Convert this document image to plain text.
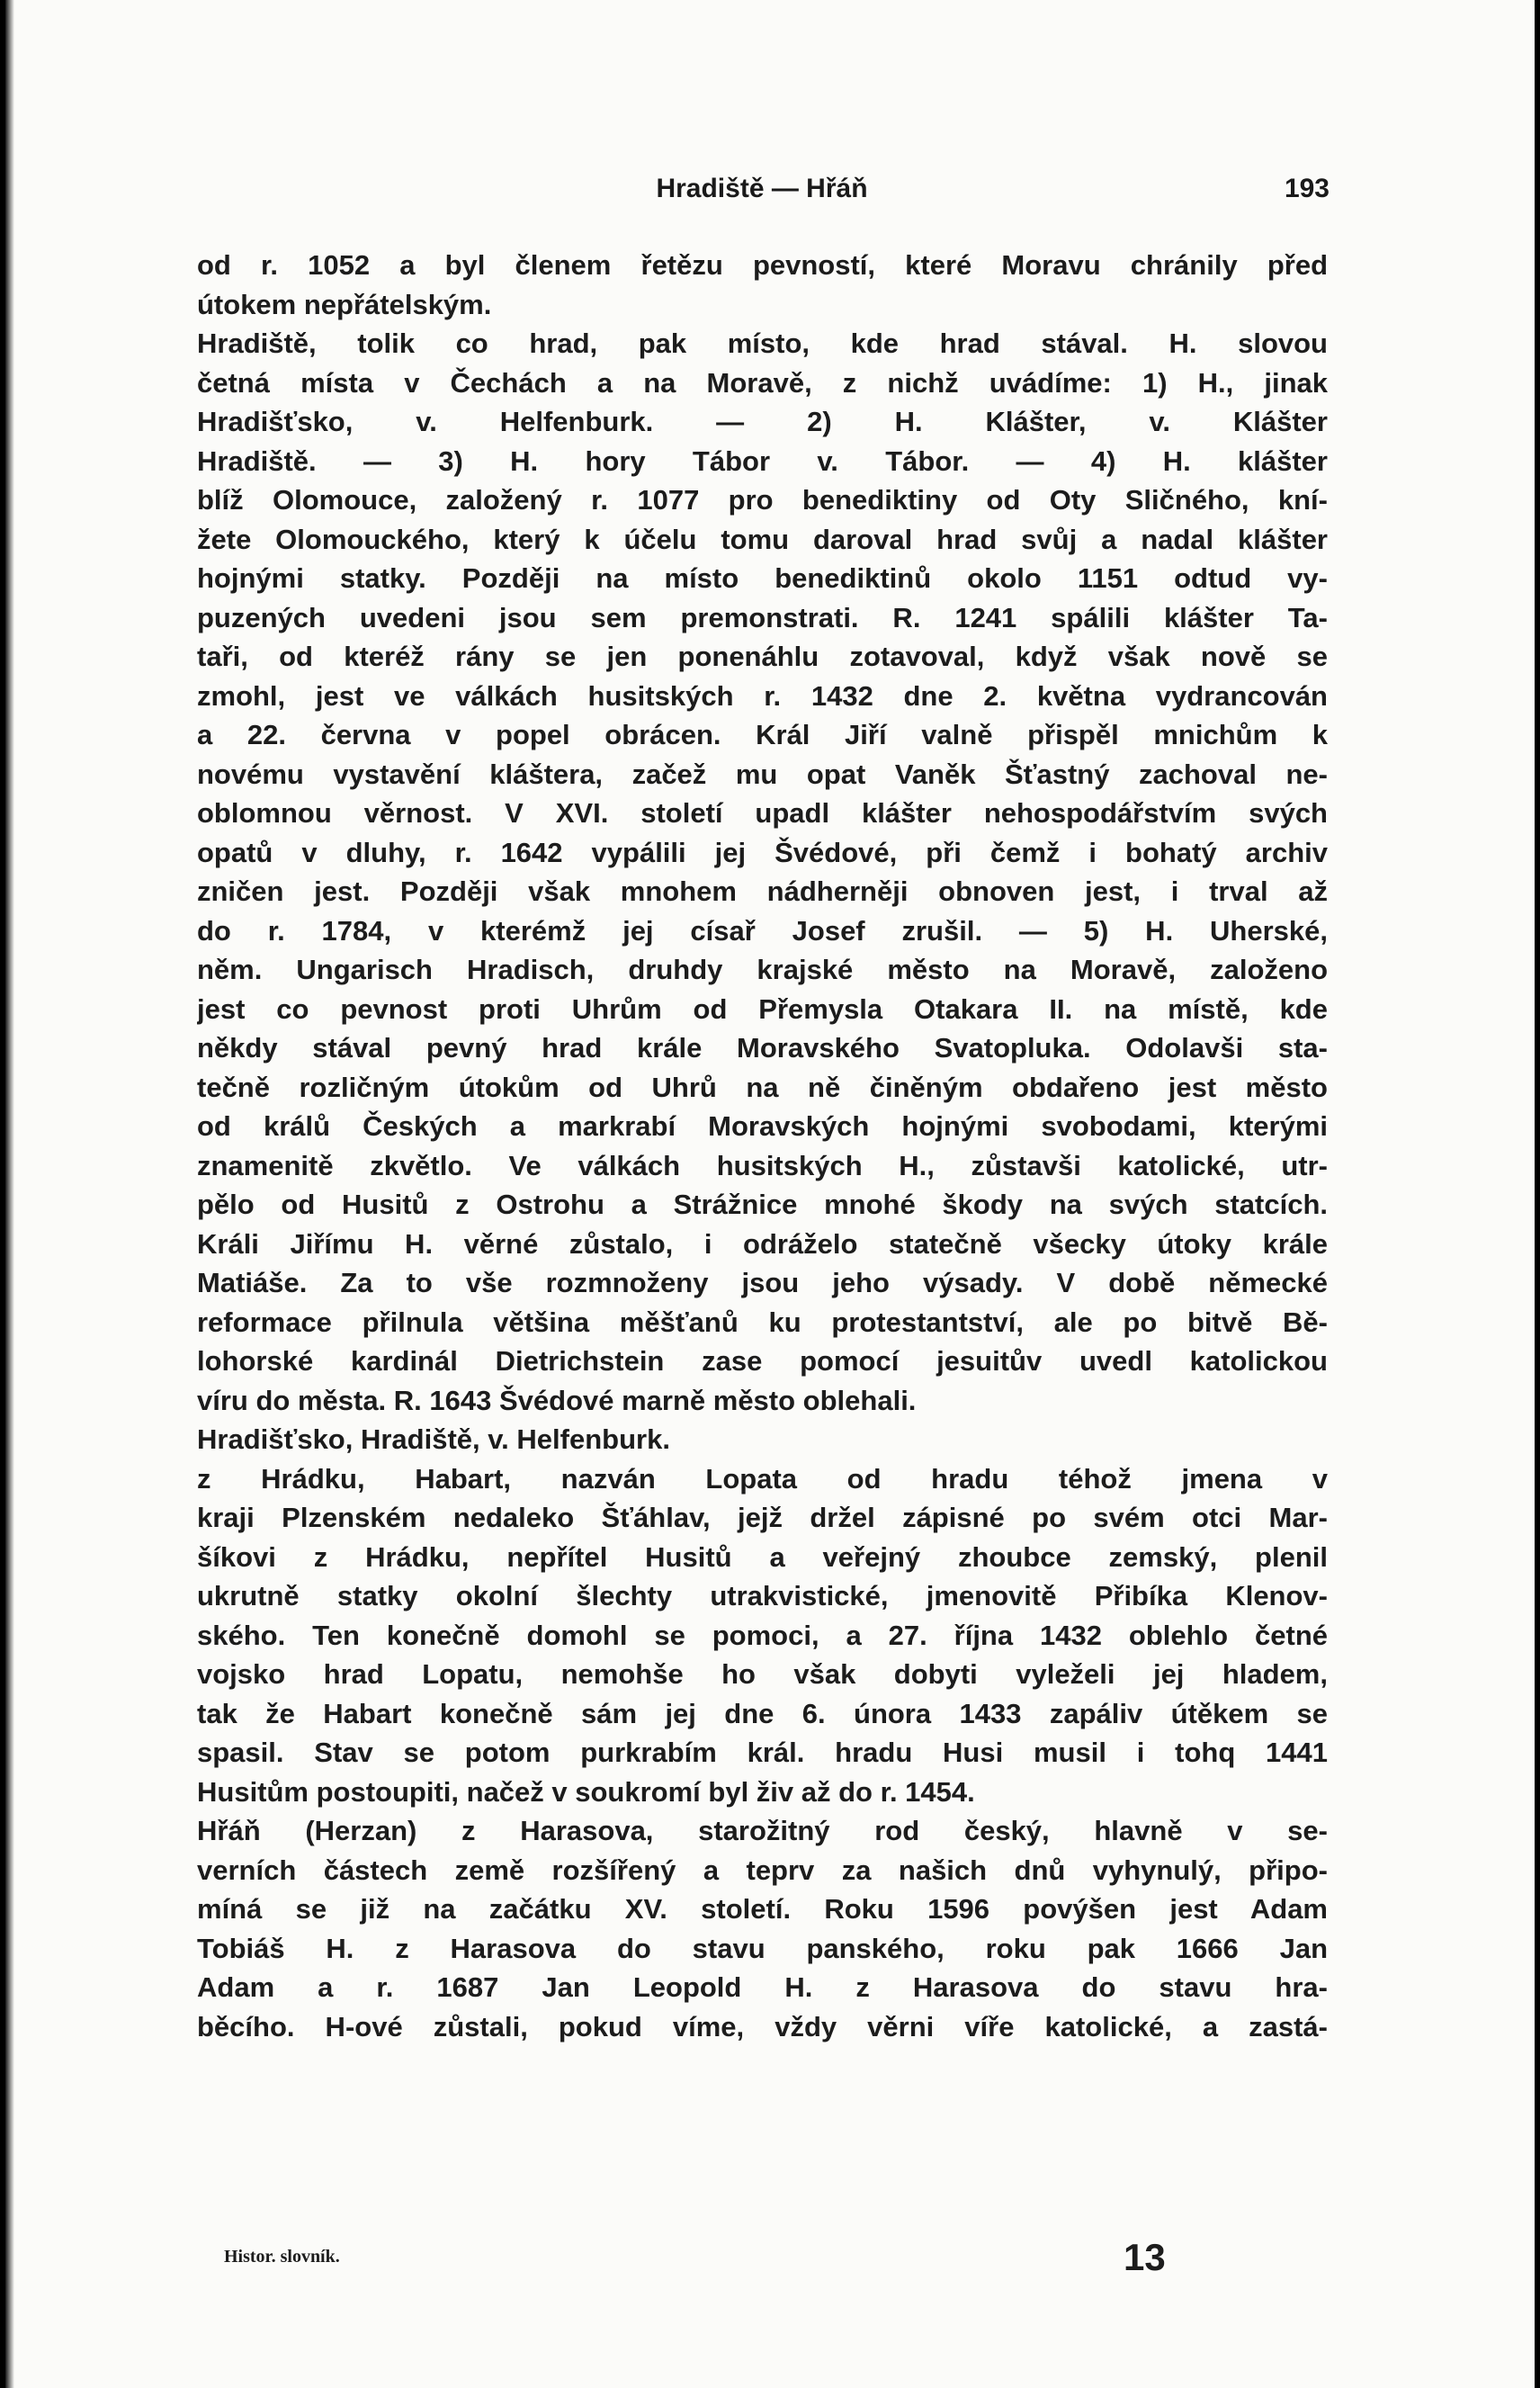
Hradiště — Hřáň	193
od r. 1052 a byl členem řetězu pevností, které Moravu chránily před
útokem nepřátelským.
Hradiště, tolik co hrad, pak místo, kde hrad stával. H. slovou
četná místa v Čechách a na Moravě, z nichž uvádíme: 1) H., jinak
Hradišťsko, v. Helfenburk. — 2) H. Klášter, v. Klášter
Hradiště. — 3) H. hory Tábor v. Tábor. — 4) H. klášter
blíž Olomouce, založený r. 1077 pro benediktiny od Oty Sličného, kní-
žete Olomouckého, který k účelu tomu daroval hrad svůj a nadal klášter
hojnými statky. Později na místo benediktinů okolo 1151 odtud vy-
puzených uvedeni jsou sem premonstrati. R. 1241 spálili klášter Ta-
taři, od kteréž rány se jen ponenáhlu zotavoval, když však nově se
zmohl, jest ve válkách husitských r. 1432 dne 2. května vydrancován
a 22. června v popel obrácen. Král Jiří valně přispěl mnichům k
novému vystavění kláštera, začež mu opat Vaněk Šťastný zachoval ne-
oblomnou věrnost. V XVI. století upadl klášter nehospodářstvím svých
opatů v dluhy, r. 1642 vypálili jej Švédové, při čemž i bohatý archiv
zničen jest. Později však mnohem nádherněji obnoven jest, i trval až
do r. 1784, v kterémž jej císař Josef zrušil. — 5) H. Uherské,
něm. Ungarisch Hradisch, druhdy krajské město na Moravě, založeno
jest co pevnost proti Uhrům od Přemysla Otakara II. na místě, kde
někdy stával pevný hrad krále Moravského Svatopluka. Odolavši sta-
tečně rozličným útokům od Uhrů na ně činěným obdařeno jest město
od králů Českých a markrabí Moravských hojnými svobodami, kterými
znamenitě zkvětlo. Ve válkách husitských H., zůstavši katolické, utr-
pělo od Husitů z Ostrohu a Strážnice mnohé škody na svých statcích.
Králi Jiřímu H. věrné zůstalo, i odráželo statečně všecky útoky krále
Matiáše. Za to vše rozmnoženy jsou jeho výsady. V době německé
reformace přilnula většina měšťanů ku protestantství, ale po bitvě Bě-
lohorské kardinál Dietrichstein zase pomocí jesuitův uvedl katolickou
víru do města. R. 1643 Švédové marně město oblehali.
Hradišťsko, Hradiště, v. Helfenburk.
z Hrádku, Habart, nazván Lopata od hradu téhož jmena v
kraji Plzenském nedaleko Šťáhlav, jejž držel zápisné po svém otci Mar-
šíkovi z Hrádku, nepřítel Husitů a veřejný zhoubce zemský, plenil
ukrutně statky okolní šlechty utrakvistické, jmenovitě Přibíka Klenov-
ského. Ten konečně domohl se pomoci, a 27. října 1432 oblehlo četné
vojsko hrad Lopatu, nemohše ho však dobyti vyleželi jej hladem,
tak že Habart konečně sám jej dne 6. února 1433 zapáliv útěkem se
spasil. Stav se potom purkrabím král. hradu Husi musil i tohq 1441
Husitům postoupiti, načež v soukromí byl živ až do r. 1454.
Hřáň (Herzan) z Harasova, starožitný rod český, hlavně v se-
verních částech země rozšířený a teprv za našich dnů vyhynulý, připo-
míná se již na začátku XV. století. Roku 1596 povýšen jest Adam
Tobiáš H. z Harasova do stavu panského, roku pak 1666 Jan
Adam a r. 1687 Jan Leopold H. z Harasova do stavu hra-
běcího. H-ové zůstali, pokud víme, vždy věrni víře katolické, a zastá-
Histor. slovník.	13
